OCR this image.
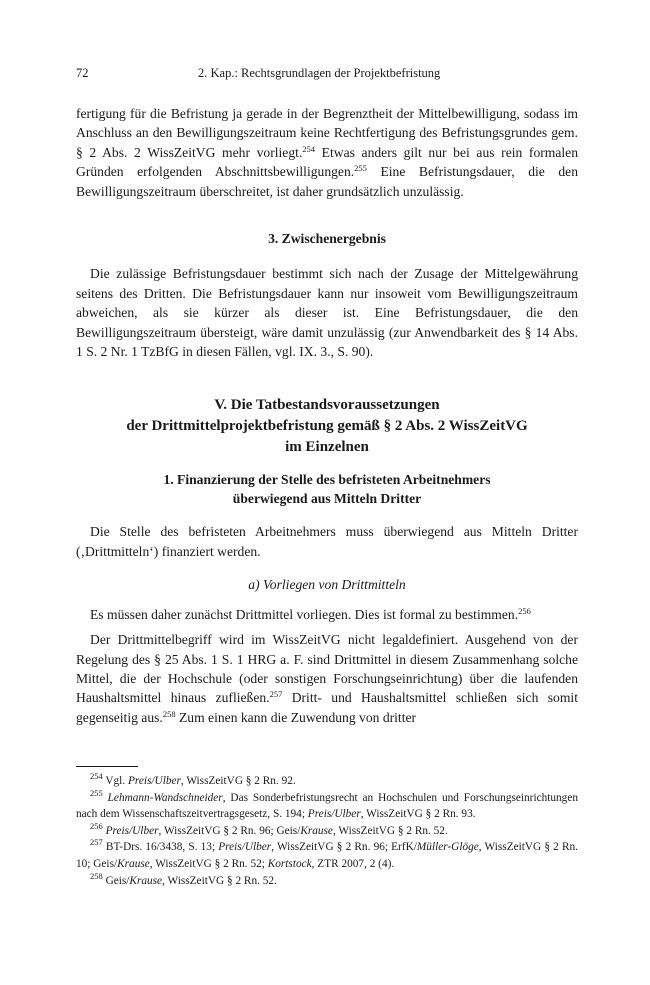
72	2. Kap.: Rechtsgrundlagen der Projektbefristung

fertigung für die Befristung ja gerade in der Begrenztheit der Mittelbewilligung, sodass im Anschluss an den Bewilligungszeitraum keine Rechtfertigung des Befristungsgrundes gem. § 2 Abs. 2 WissZeitVG mehr vorliegt.$^{254}$ Etwas anders gilt nur bei aus rein formalen Gründen erfolgenden Abschnittsbewilligungen.$^{255}$ Eine Befristungsdauer, die den Bewilligungszeitraum überschreitet, ist daher grundsätzlich unzulässig.

3. Zwischenergebnis

Die zulässige Befristungsdauer bestimmt sich nach der Zusage der Mittelgewährung seitens des Dritten. Die Befristungsdauer kann nur insoweit vom Bewilligungszeitraum abweichen, als sie kürzer als dieser ist. Eine Befristungsdauer, die den Bewilligungszeitraum übersteigt, wäre damit unzulässig (zur Anwendbarkeit des § 14 Abs. 1 S. 2 Nr. 1 TzBfG in diesen Fällen, vgl. IX. 3., S. 90).

V. Die Tatbestandsvoraussetzungen
der Drittmittelprojektbefristung gemäß § 2 Abs. 2 WissZeitVG
im Einzelnen
1. Finanzierung der Stelle des befristeten Arbeitnehmers
überwiegend aus Mitteln Dritter

Die Stelle des befristeten Arbeitnehmers muss überwiegend aus Mitteln Dritter (‚Drittmitteln‘) finanziert werden.

a) Vorliegen von Drittmitteln

Es müssen daher zunächst Drittmittel vorliegen. Dies ist formal zu bestimmen.$^{256}$

Der Drittmittelbegriff wird im WissZeitVG nicht legaldefiniert. Ausgehend von der Regelung des § 25 Abs. 1 S. 1 HRG a. F. sind Drittmittel in diesem Zusammenhang solche Mittel, die der Hochschule (oder sonstigen Forschungseinrichtung) über die laufenden Haushaltsmittel hinaus zufließen.$^{257}$ Dritt- und Haushaltsmittel schließen sich somit gegenseitig aus.$^{258}$ Zum einen kann die Zuwendung von dritter

$^{254}$ Vgl. Preis/Ulber, WissZeitVG § 2 Rn. 92.

$^{255}$ Lehmann-Wandschneider, Das Sonderbefristungsrecht an Hochschulen und Forschungseinrichtungen nach dem Wissenschaftszeitvertragsgesetz, S. 194; Preis/Ulber, WissZeitVG § 2 Rn. 93.

$^{256}$ Preis/Ulber, WissZeitVG § 2 Rn. 96; Geis/Krause, WissZeitVG § 2 Rn. 52.

$^{257}$ BT-Drs. 16/3438, S. 13; Preis/Ulber, WissZeitVG § 2 Rn. 96; ErfK/Müller-Glöge, WissZeitVG § 2 Rn. 10; Geis/Krause, WissZeitVG § 2 Rn. 52; Kortstock, ZTR 2007, 2 (4).

$^{258}$ Geis/Krause, WissZeitVG § 2 Rn. 52.
